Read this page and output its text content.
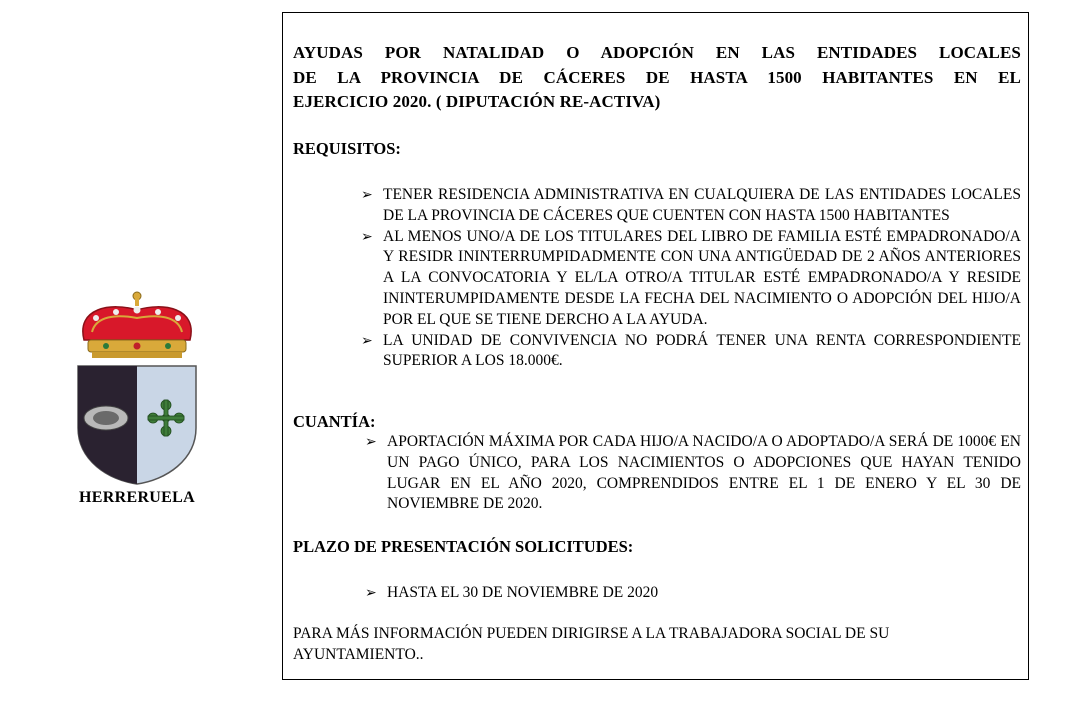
HERRERUELA
AYUDAS POR NATALIDAD O ADOPCIÓN EN LAS ENTIDADES LOCALES
DE LA PROVINCIA DE CÁCERES DE HASTA 1500 HABITANTES EN EL
EJERCICIO 2020. ( DIPUTACIÓN RE-ACTIVA)
REQUISITOS:
➢ TENER RESIDENCIA ADMINISTRATIVA EN CUALQUIERA DE LAS ENTIDADES LOCALES DE LA PROVINCIA DE CÁCERES QUE CUENTEN CON HASTA 1500 HABITANTES
➢ AL MENOS UNO/A DE LOS TITULARES DEL LIBRO DE FAMILIA ESTÉ EMPADRONADO/A Y RESIDR ININTERRUMPIDADMENTE CON UNA ANTIGÜEDAD DE 2 AÑOS ANTERIORES A LA CONVOCATORIA Y EL/LA OTRO/A TITULAR ESTÉ EMPADRONADO/A Y RESIDE ININTERUMPIDAMENTE DESDE LA FECHA DEL NACIMIENTO O ADOPCIÓN DEL HIJO/A POR EL QUE SE TIENE DERCHO A LA AYUDA.
➢ LA UNIDAD DE CONVIVENCIA NO PODRÁ TENER UNA RENTA CORRESPONDIENTE SUPERIOR A LOS 18.000€.
CUANTÍA:
➢ APORTACIÓN MÁXIMA POR CADA HIJO/A NACIDO/A O ADOPTADO/A SERÁ DE 1000€ EN UN PAGO ÚNICO, PARA LOS NACIMIENTOS O ADOPCIONES QUE HAYAN TENIDO LUGAR EN EL AÑO 2020, COMPRENDIDOS ENTRE EL 1 DE ENERO Y EL 30 DE NOVIEMBRE DE 2020.
PLAZO DE PRESENTACIÓN SOLICITUDES:
➢ HASTA EL 30 DE NOVIEMBRE DE 2020
PARA MÁS INFORMACIÓN PUEDEN DIRIGIRSE A LA TRABAJADORA SOCIAL DE SU AYUNTAMIENTO..
